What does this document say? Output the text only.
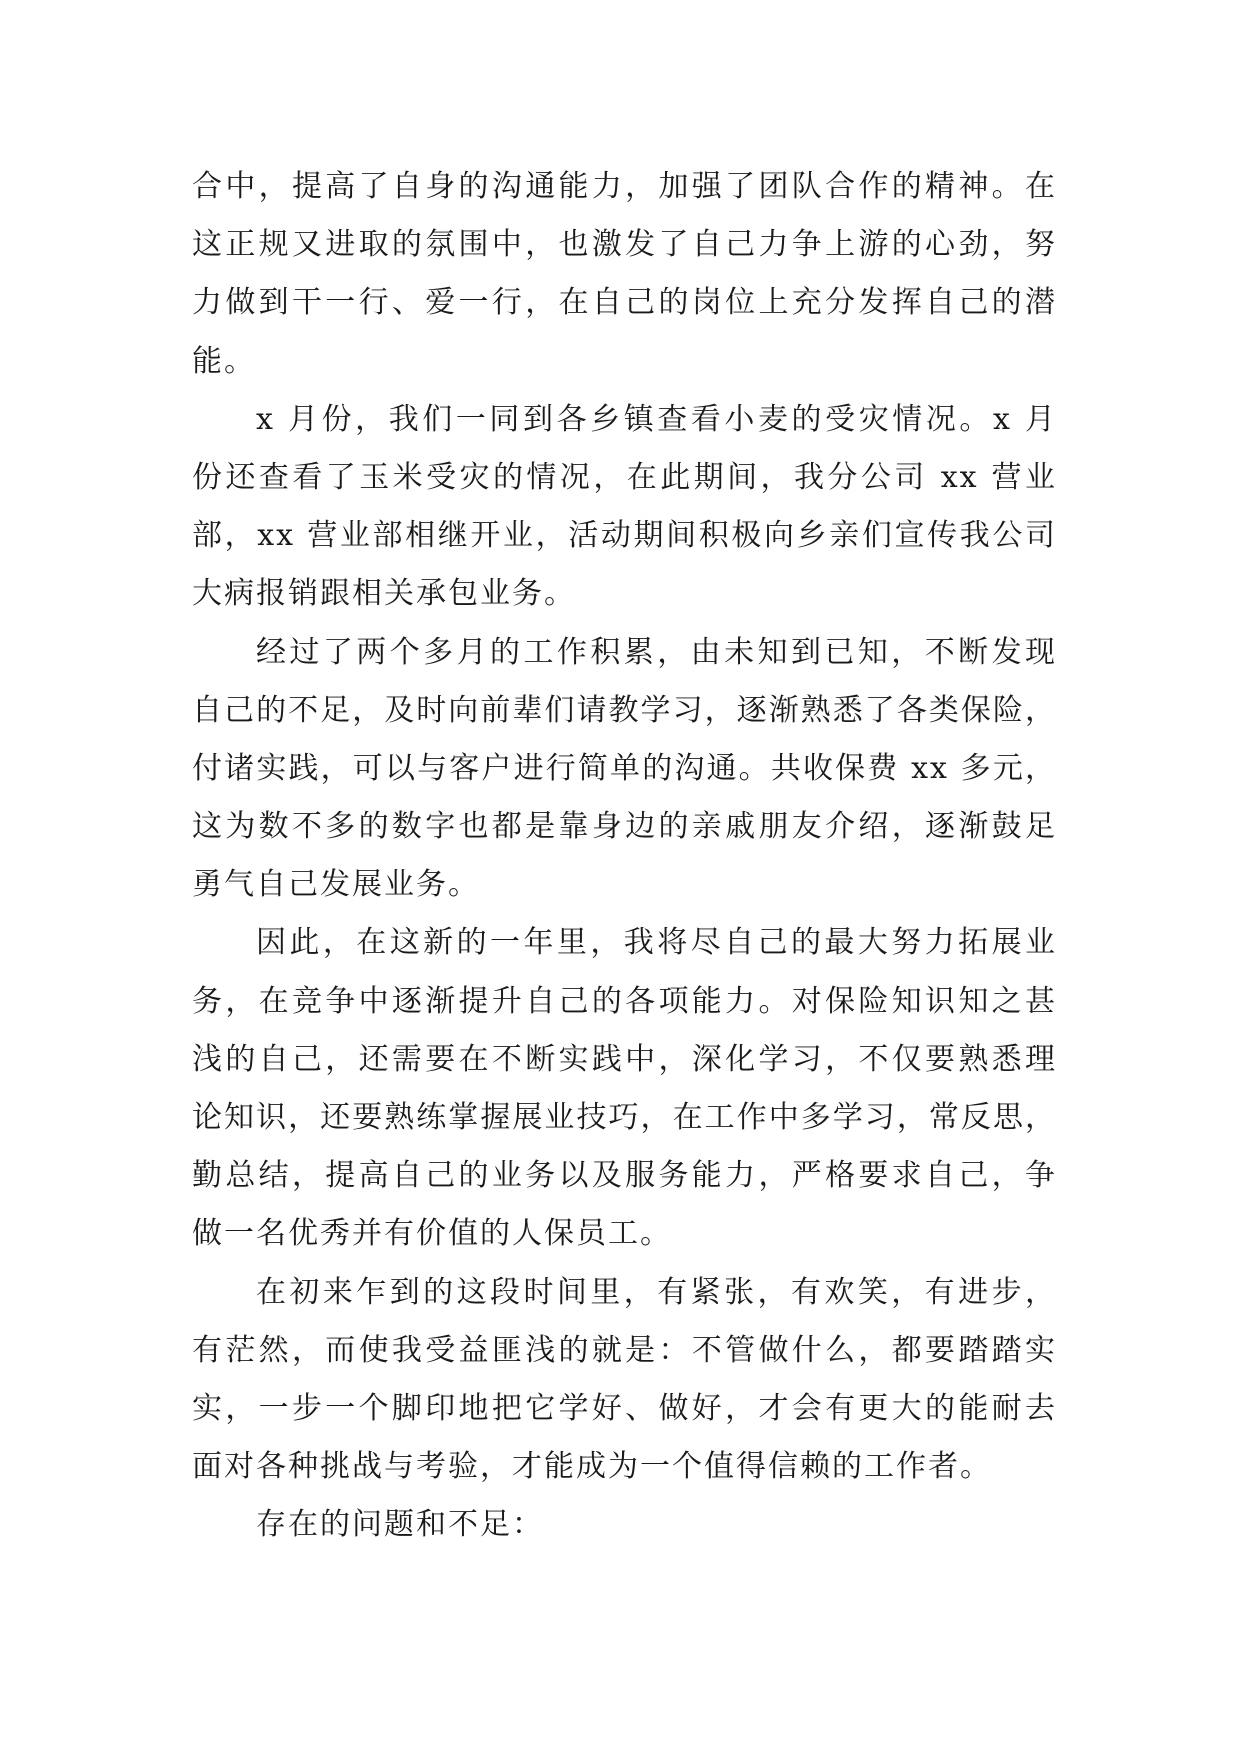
合中，提高了自身的沟通能力，加强了团队合作的精神。在
这正规又进取的氛围中，也激发了自己力争上游的心劲，努
力做到干一行、爱一行，在自己的岗位上充分发挥自己的潜
能。
x 月份，我们一同到各乡镇查看小麦的受灾情况。x 月
份还查看了玉米受灾的情况，在此期间，我分公司 xx 营业
部，xx 营业部相继开业，活动期间积极向乡亲们宣传我公司
大病报销跟相关承包业务。
经过了两个多月的工作积累，由未知到已知，不断发现
自己的不足，及时向前辈们请教学习，逐渐熟悉了各类保险，
付诸实践，可以与客户进行简单的沟通。共收保费 xx 多元，
这为数不多的数字也都是靠身边的亲戚朋友介绍，逐渐鼓足
勇气自己发展业务。
因此，在这新的一年里，我将尽自己的最大努力拓展业
务，在竞争中逐渐提升自己的各项能力。对保险知识知之甚
浅的自己，还需要在不断实践中，深化学习，不仅要熟悉理
论知识，还要熟练掌握展业技巧，在工作中多学习，常反思，
勤总结，提高自己的业务以及服务能力，严格要求自己，争
做一名优秀并有价值的人保员工。
在初来乍到的这段时间里，有紧张，有欢笑，有进步，
有茫然，而使我受益匪浅的就是：不管做什么，都要踏踏实
实，一步一个脚印地把它学好、做好，才会有更大的能耐去
面对各种挑战与考验，才能成为一个值得信赖的工作者。
存在的问题和不足：
